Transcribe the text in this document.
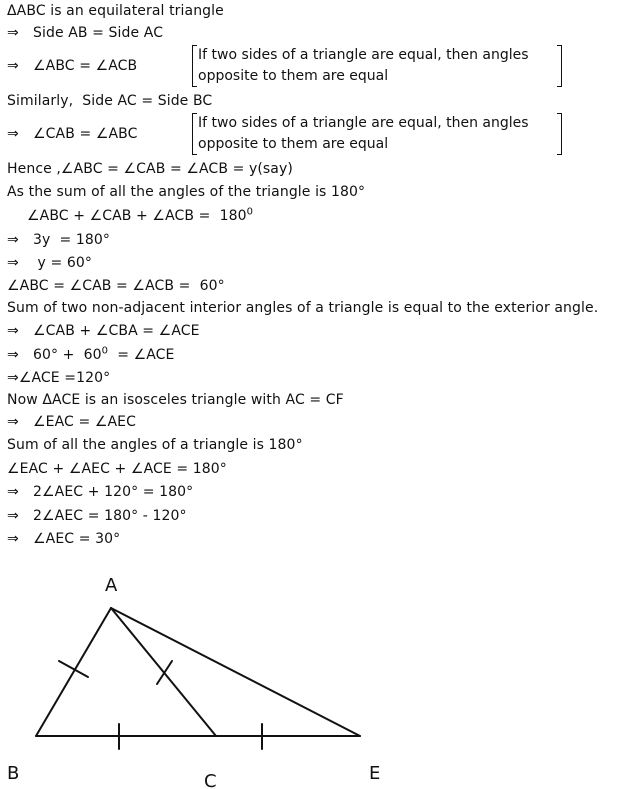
ΔABC is an equilateral triangle
⇒ Side AB = Side AC
⇒ ∠ABC = ∠ACB
If two sides of a triangle are equal, then angles
opposite to them are equal
Similarly,  Side AC = Side BC
⇒ ∠CAB = ∠ABC
If two sides of a triangle are equal, then angles
opposite to them are equal
Hence ,∠ABC = ∠CAB = ∠ACB = y(say)
As the sum of all the angles of the triangle is 180°
∠ABC + ∠CAB + ∠ACB =  $180^0$
⇒ 3y  = 180°
⇒ y = 60°
∠ABC = ∠CAB = ∠ACB =  60°
Sum of two non-adjacent interior angles of a triangle is equal to the exterior angle.
⇒ ∠CAB + ∠CBA = ∠ACE
⇒ $60^\circ + 60^0$  = ∠ACE
⇒∠ACE =120°
Now ΔACE is an isosceles triangle with AC = CF
⇒ ∠EAC = ∠AEC
Sum of all the angles of a triangle is 180°
∠EAC + ∠AEC + ∠ACE = 180°
⇒ 2∠AEC + 120° = 180°
⇒ 2∠AEC = 180° - 120°
⇒ ∠AEC = 30°
A
B	C	E
